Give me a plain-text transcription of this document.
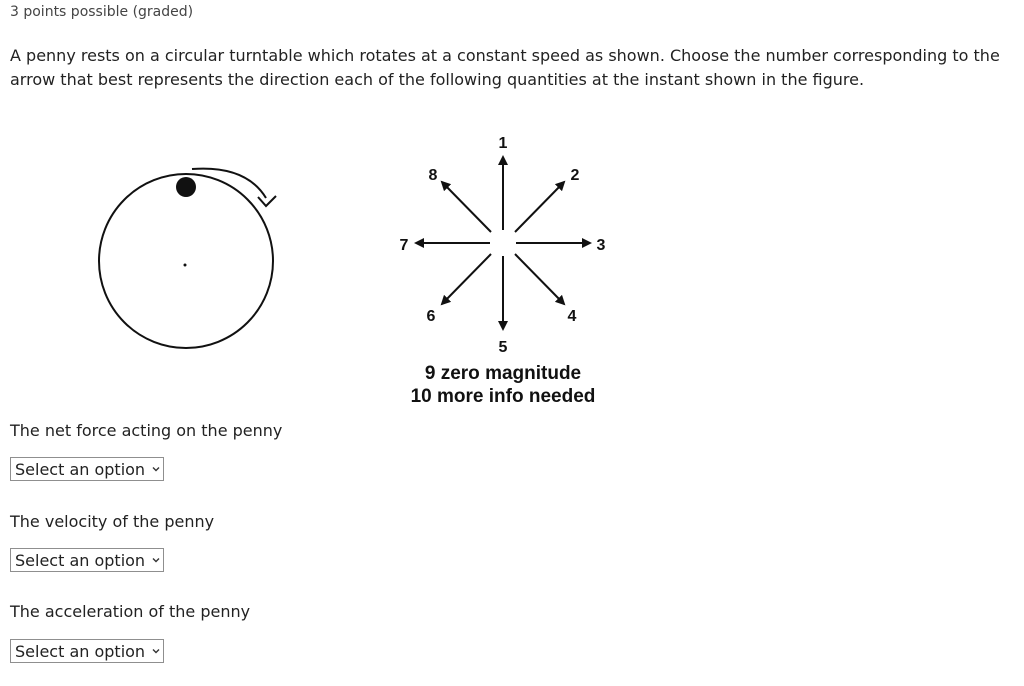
3 points possible (graded)
A penny rests on a circular turntable which rotates at a constant speed as shown. Choose the number corresponding to the arrow that best represents the direction each of the following quantities at the instant shown in the figure.
1
2
3
4
5
6
7
8
9 zero magnitude
10 more info needed
The net force acting on the penny
Select an option
The velocity of the penny
Select an option
The acceleration of the penny
Select an option
